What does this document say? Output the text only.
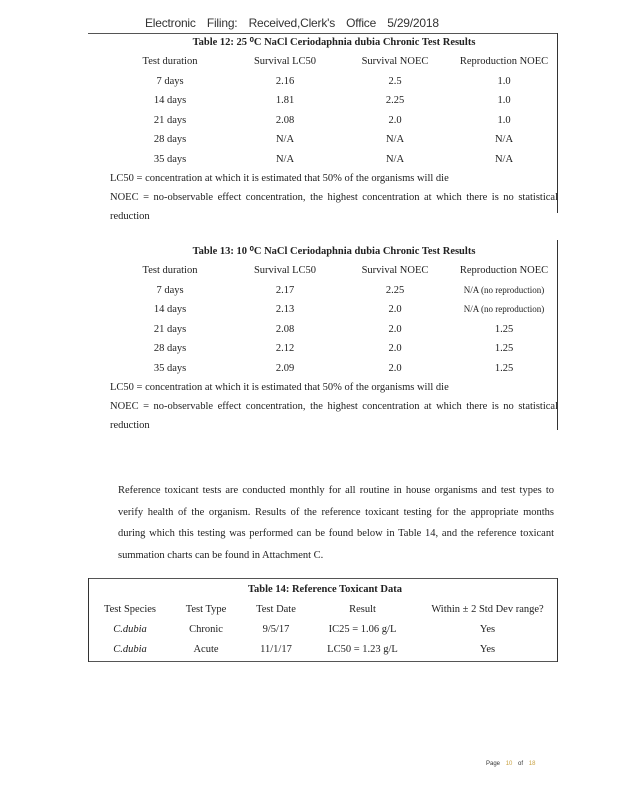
Electronic Filing: Received,Clerk's Office 5/29/2018
Table 12: 25 ⁰C NaCl Ceriodaphnia dubia Chronic Test Results
Test duration	Survival LC50	Survival NOEC	Reproduction NOEC
7 days	2.16	2.5	1.0
14 days	1.81	2.25	1.0
21 days	2.08	2.0	1.0
28 days	N/A	N/A	N/A
35 days	N/A	N/A	N/A
LC50 = concentration at which it is estimated that 50% of the organisms will die
NOEC = no-observable effect concentration, the highest concentration at which there is no statistical reduction
Table 13: 10 ⁰C NaCl Ceriodaphnia dubia Chronic Test Results
Test duration	Survival LC50	Survival NOEC	Reproduction NOEC
7 days	2.17	2.25	N/A (no reproduction)
14 days	2.13	2.0	N/A (no reproduction)
21 days	2.08	2.0	1.25
28 days	2.12	2.0	1.25
35 days	2.09	2.0	1.25
LC50 = concentration at which it is estimated that 50% of the organisms will die
NOEC = no-observable effect concentration, the highest concentration at which there is no statistical reduction
Reference toxicant tests are conducted monthly for all routine in house organisms and test types to verify health of the organism. Results of the reference toxicant testing for the appropriate months during which this testing was performed can be found below in Table 14, and the reference toxicant summation charts can be found in Attachment C.
Table 14: Reference Toxicant Data
Test Species	Test Type	Test Date	Result	Within ± 2 Std Dev range?
C.dubia	Chronic	9/5/17	IC25 = 1.06 g/L	Yes
C.dubia	Acute	11/1/17	LC50 = 1.23 g/L	Yes
Page 10 of 18
